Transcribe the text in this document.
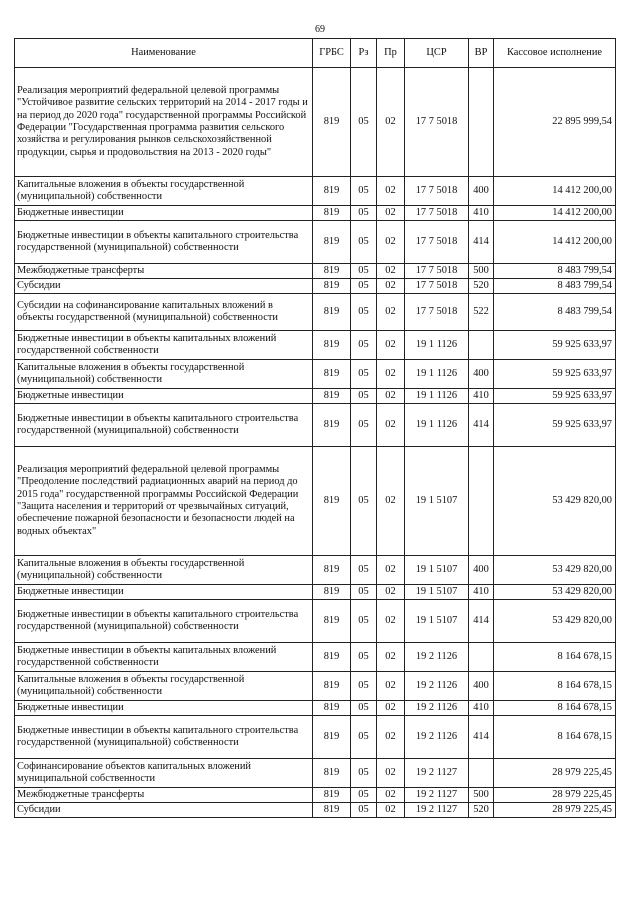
69
Наименование	ГРБС	Рз	Пр	ЦСР	ВР	Кассовое исполнение
Реализация мероприятий федеральной целевой программы "Устойчивое развитие сельских территорий на 2014 - 2017 годы и на период до 2020 года" государственной программы Российской Федерации "Государственная программа развития сельского хозяйства и регулирования рынков сельскохозяйственной продукции, сырья и продовольствия на 2013 - 2020 годы"	819	05	02	17 7 5018		22 895 999,54
Капитальные вложения в объекты государственной (муниципальной) собственности	819	05	02	17 7 5018	400	14 412 200,00
Бюджетные инвестиции	819	05	02	17 7 5018	410	14 412 200,00
Бюджетные инвестиции в объекты капитального строительства государственной (муниципальной) собственности	819	05	02	17 7 5018	414	14 412 200,00
Межбюджетные трансферты	819	05	02	17 7 5018	500	8 483 799,54
Субсидии	819	05	02	17 7 5018	520	8 483 799,54
Субсидии на софинансирование капитальных вложений в объекты государственной (муниципальной) собственности	819	05	02	17 7 5018	522	8 483 799,54
Бюджетные инвестиции в объекты капитальных вложений государственной собственности	819	05	02	19 1 1126		59 925 633,97
Капитальные вложения в объекты государственной (муниципальной) собственности	819	05	02	19 1 1126	400	59 925 633,97
Бюджетные инвестиции	819	05	02	19 1 1126	410	59 925 633,97
Бюджетные инвестиции в объекты капитального строительства государственной (муниципальной) собственности	819	05	02	19 1 1126	414	59 925 633,97
Реализация мероприятий федеральной целевой программы "Преодоление последствий радиационных аварий на период до 2015 года" государственной программы Российской Федерации "Защита населения и территорий от чрезвычайных ситуаций, обеспечение пожарной безопасности и безопасности людей на водных объектах"	819	05	02	19 1 5107		53 429 820,00
Капитальные вложения в объекты государственной (муниципальной) собственности	819	05	02	19 1 5107	400	53 429 820,00
Бюджетные инвестиции	819	05	02	19 1 5107	410	53 429 820,00
Бюджетные инвестиции в объекты капитального строительства государственной (муниципальной) собственности	819	05	02	19 1 5107	414	53 429 820,00
Бюджетные инвестиции в объекты капитальных вложений государственной собственности	819	05	02	19 2 1126		8 164 678,15
Капитальные вложения в объекты государственной (муниципальной) собственности	819	05	02	19 2 1126	400	8 164 678,15
Бюджетные инвестиции	819	05	02	19 2 1126	410	8 164 678,15
Бюджетные инвестиции в объекты капитального строительства государственной (муниципальной) собственности	819	05	02	19 2 1126	414	8 164 678,15
Софинансирование объектов капитальных вложений муниципальной собственности	819	05	02	19 2 1127		28 979 225,45
Межбюджетные трансферты	819	05	02	19 2 1127	500	28 979 225,45
Субсидии	819	05	02	19 2 1127	520	28 979 225,45
